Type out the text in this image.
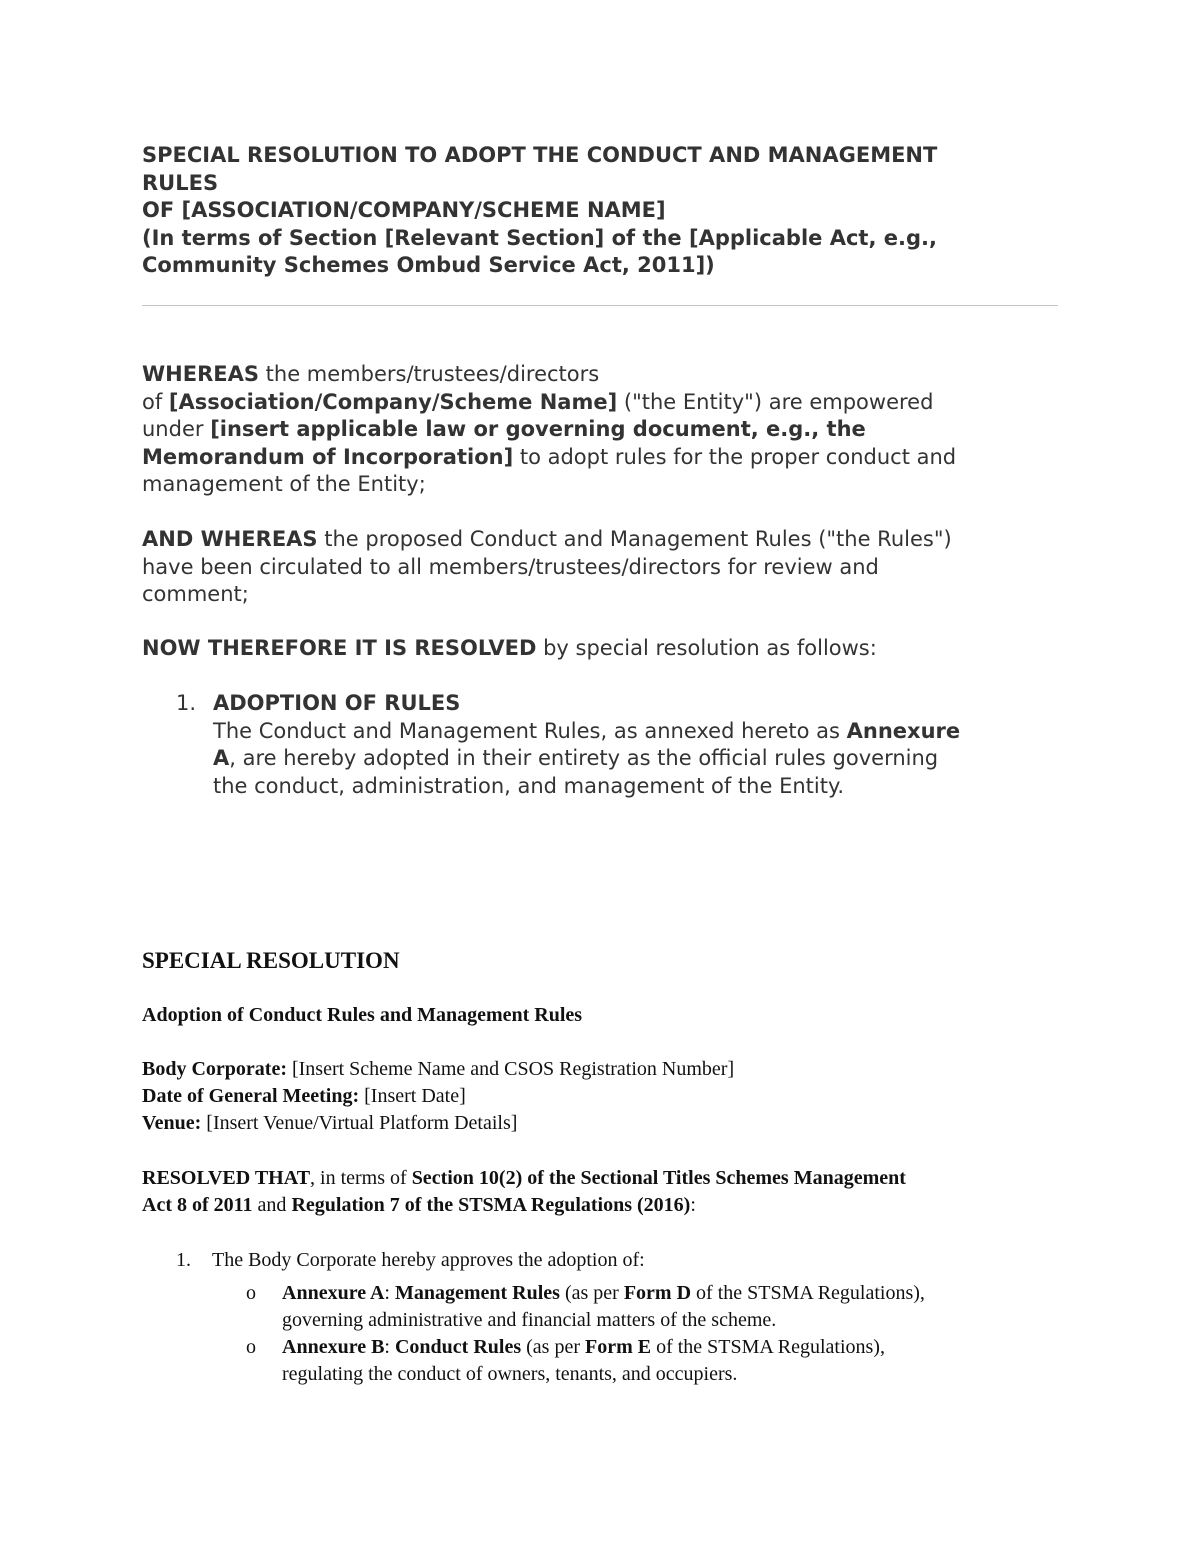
SPECIAL RESOLUTION TO ADOPT THE CONDUCT AND MANAGEMENT
RULES
OF [ASSOCIATION/COMPANY/SCHEME NAME]
(In terms of Section [Relevant Section] of the [Applicable Act, e.g.,
Community Schemes Ombud Service Act, 2011])
WHEREAS the members/trustees/directors
of [Association/Company/Scheme Name] ("the Entity") are empowered
under [insert applicable law or governing document, e.g., the
Memorandum of Incorporation] to adopt rules for the proper conduct and
management of the Entity;
AND WHEREAS the proposed Conduct and Management Rules ("the Rules")
have been circulated to all members/trustees/directors for review and
comment;
NOW THEREFORE IT IS RESOLVED by special resolution as follows:
1. ADOPTION OF RULES
The Conduct and Management Rules, as annexed hereto as Annexure
A, are hereby adopted in their entirety as the official rules governing
the conduct, administration, and management of the Entity.
SPECIAL RESOLUTION
Adoption of Conduct Rules and Management Rules
Body Corporate: [Insert Scheme Name and CSOS Registration Number]
Date of General Meeting: [Insert Date]
Venue: [Insert Venue/Virtual Platform Details]
RESOLVED THAT, in terms of Section 10(2) of the Sectional Titles Schemes Management
Act 8 of 2011 and Regulation 7 of the STSMA Regulations (2016):
1. The Body Corporate hereby approves the adoption of:
o Annexure A: Management Rules (as per Form D of the STSMA Regulations),
governing administrative and financial matters of the scheme.
o Annexure B: Conduct Rules (as per Form E of the STSMA Regulations),
regulating the conduct of owners, tenants, and occupiers.
